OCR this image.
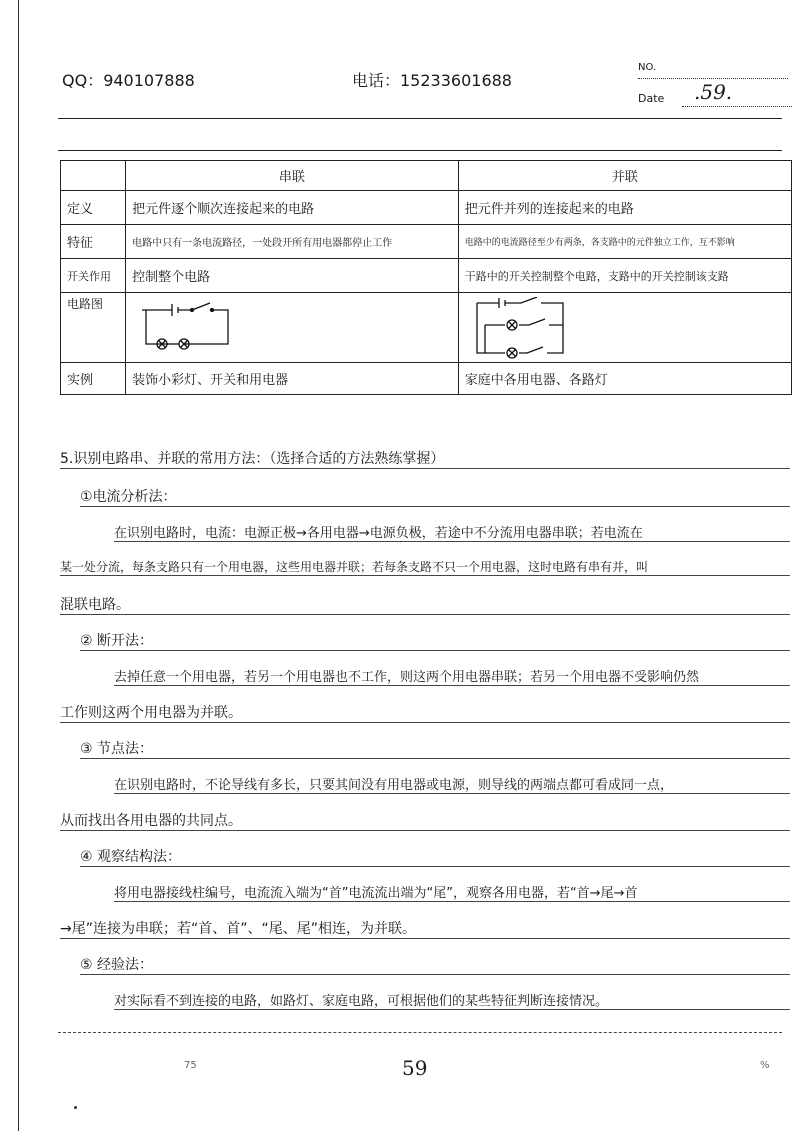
QQ：940107888	电话：15233601688
NO.
Date .59.
	串联	并联
定义	把元件逐个顺次连接起来的电路	把元件并列的连接起来的电路
特征	电路中只有一条电流路径，一处段开所有用电器都停止工作	电路中的电流路径至少有两条，各支路中的元件独立工作，互不影响
开关作用	控制整个电路	干路中的开关控制整个电路，支路中的开关控制该支路
电路图	

实例	装饰小彩灯、开关和用电器	家庭中各用电器、各路灯
5.识别电路串、并联的常用方法：（选择合适的方法熟练掌握）
①电流分析法：
在识别电路时，电流：电源正极→各用电器→电源负极，若途中不分流用电器串联；若电流在
某一处分流，每条支路只有一个用电器，这些用电器并联；若每条支路不只一个用电器，这时电路有串有并，叫
混联电路。
② 断开法：
去掉任意一个用电器，若另一个用电器也不工作，则这两个用电器串联；若另一个用电器不受影响仍然
工作则这两个用电器为并联。
③ 节点法：
在识别电路时，不论导线有多长，只要其间没有用电器或电源，则导线的两端点都可看成同一点，
从而找出各用电器的共同点。
④ 观察结构法：
将用电器接线柱编号，电流流入端为“首”电流流出端为“尾”，观察各用电器，若“首→尾→首
→尾”连接为串联；若“首、首”、“尾、尾”相连，为并联。
⑤ 经验法：
对实际看不到连接的电路，如路灯、家庭电路，可根据他们的某些特征判断连接情况。
75	59	%
